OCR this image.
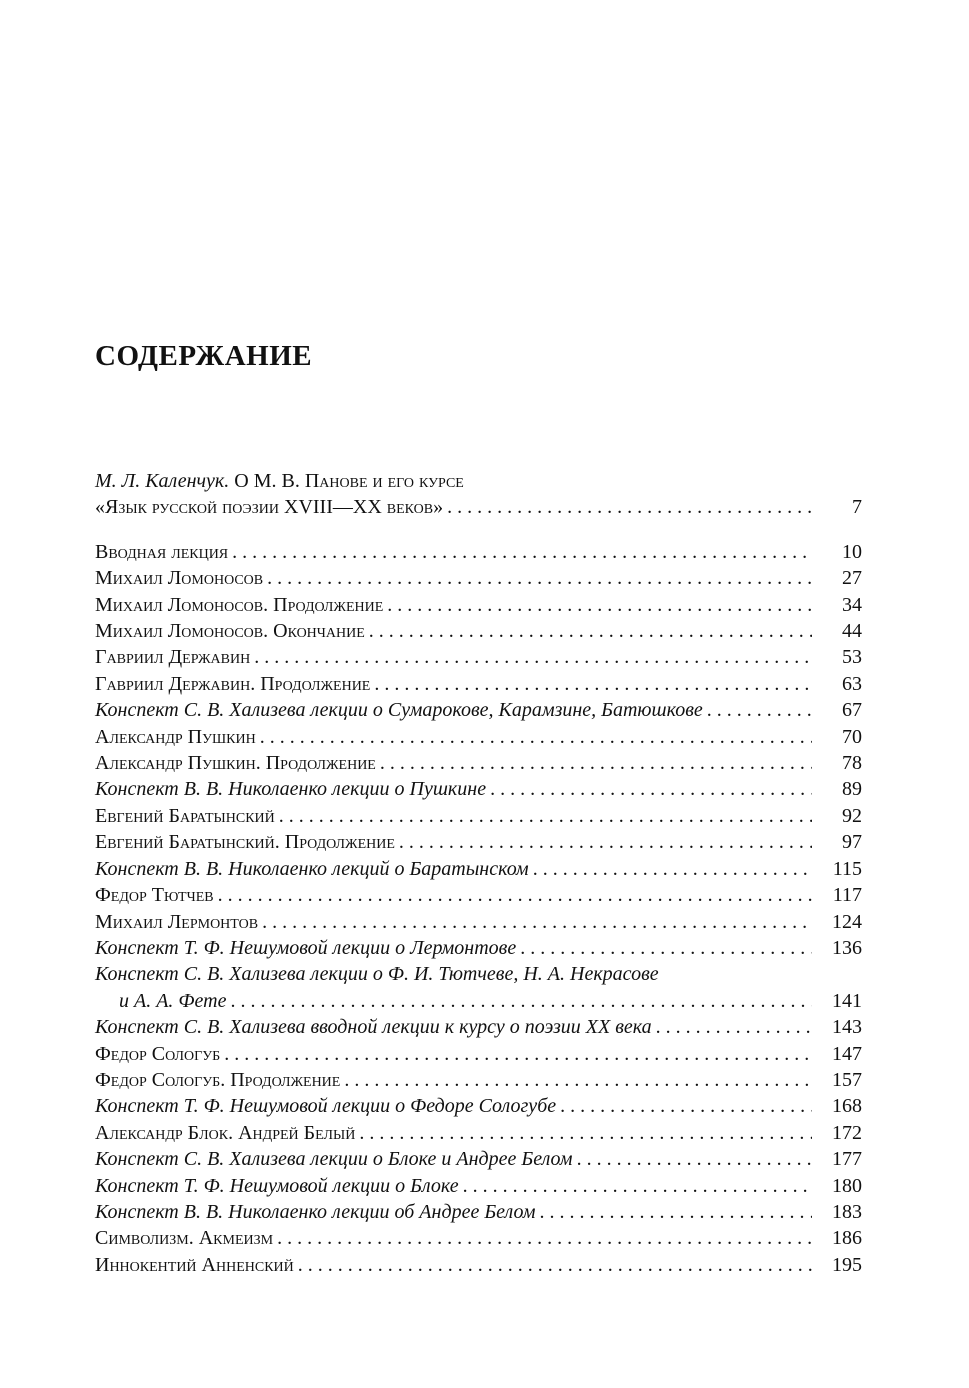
СОДЕРЖАНИЕ
М. Л. Каленчук.
О М. В. Панове и его курсе
«Язык русской поэзии XVIII—XX веков» . . .	7
Вводная лекция . . .	10
Михаил Ломоносов . . .	27
Михаил Ломоносов. Продолжение . . .	34
Михаил Ломоносов. Окончание . . .	44
Гавриил Державин . . .	53
Гавриил Державин. Продолжение . . .	63
Конспект С. В. Хализева лекции о Сумарокове, Карамзине, Батюшкове . . .	67
Александр Пушкин . . .	70
Александр Пушкин. Продолжение . . .	78
Конспект В. В. Николаенко лекции о Пушкине . . .	89
Евгений Баратынский . . .	92
Евгений Баратынский. Продолжение . . .	97
Конспект В. В. Николаенко лекций о Баратынском . . .	115
Федор Тютчев . . .	117
Михаил Лермонтов . . .	124
Конспект Т. Ф. Нешумовой лекции о Лермонтове . . .	136
Конспект С. В. Хализева лекции о Ф. И. Тютчеве, Н. А. Некрасове
и А. А. Фете . . .	141
Конспект С. В. Хализева вводной лекции к курсу о поэзии XX века . . .	143
Федор Сологуб . . .	147
Федор Сологуб. Продолжение . . .	157
Конспект Т. Ф. Нешумовой лекции о Федоре Сологубе . . .	168
Александр Блок. Андрей Белый . . .	172
Конспект С. В. Хализева лекции о Блоке и Андрее Белом . . .	177
Конспект Т. Ф. Нешумовой лекции о Блоке . . .	180
Конспект В. В. Николаенко лекции об Андрее Белом . . .	183
Символизм. Акмеизм . . .	186
Иннокентий Анненский . . .	195
